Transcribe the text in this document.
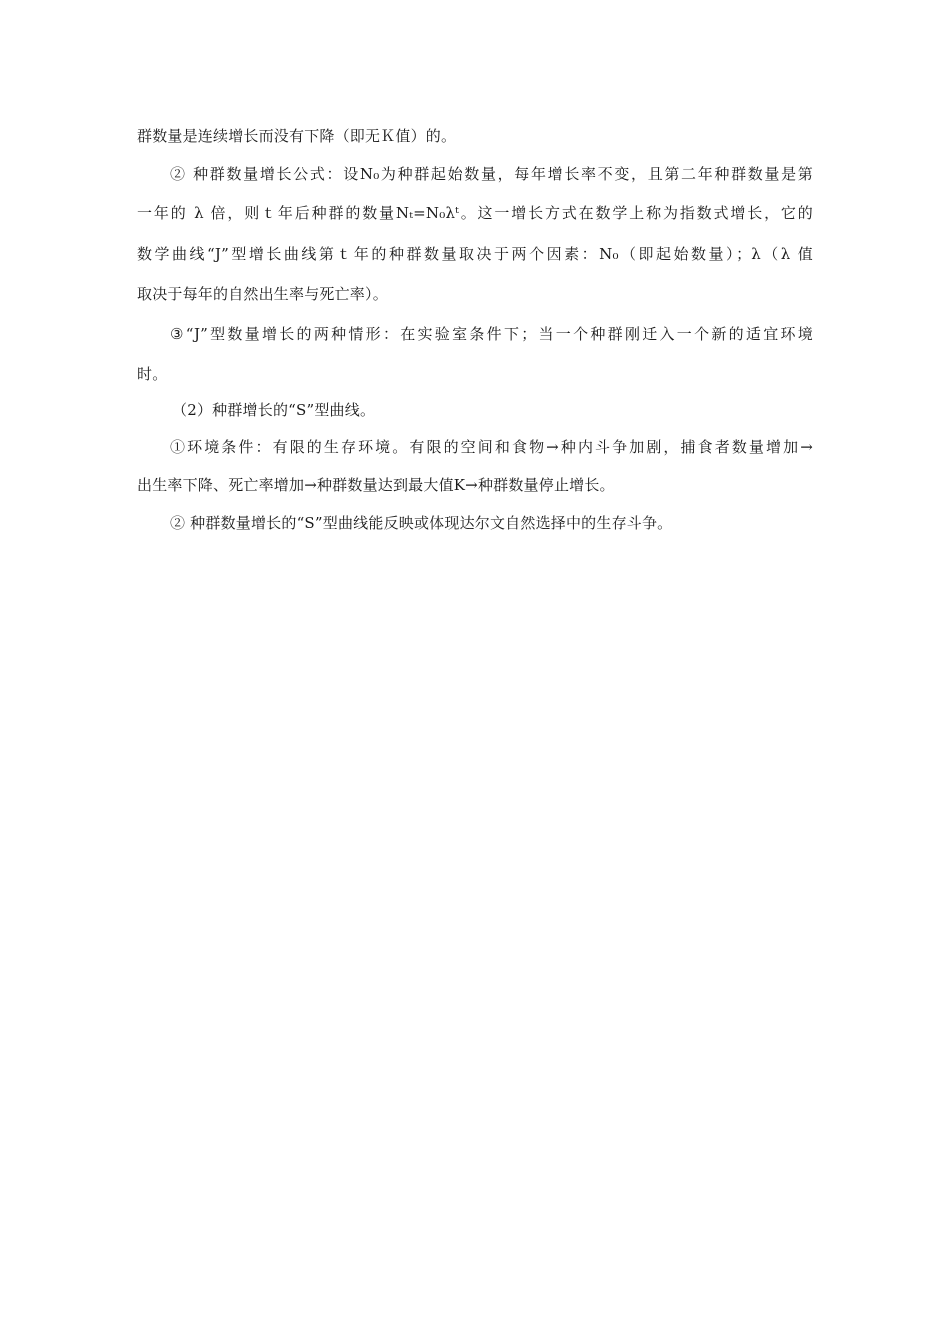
群数量是连续增长而没有下降（即无Ｋ值）的。
② 种群数量增长公式：设N₀为种群起始数量，每年增长率不变，且第二年种群数量是第
一年的 λ 倍，则ｔ年后种群的数量Nₜ=N₀λᵗ。这一增长方式在数学上称为指数式增长，它的
数学曲线“J”型增长曲线第ｔ年的种群数量取决于两个因素：N₀（即起始数量）；λ（λ 值
取决于每年的自然出生率与死亡率）。
③“J”型数量增长的两种情形：在实验室条件下；当一个种群刚迁入一个新的适宜环境
时。
（2）种群增长的“S”型曲线。
①环境条件：有限的生存环境。有限的空间和食物→种内斗争加剧，捕食者数量增加→
出生率下降、死亡率增加→种群数量达到最大值K→种群数量停止增长。
② 种群数量增长的“S”型曲线能反映或体现达尔文自然选择中的生存斗争。
